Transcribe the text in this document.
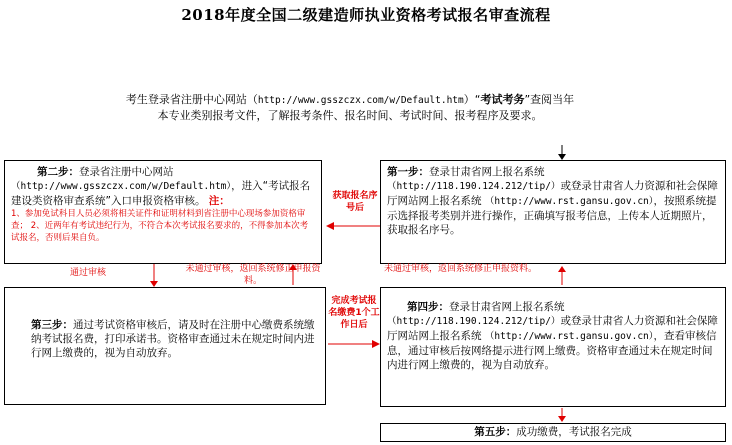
2018年度全国二级建造师执业资格考试报名审查流程
考生登录省注册中心网站（http://www.gsszczx.com/w/Default.htm）“考试考务”查阅当年
本专业类别报考文件，了解报考条件、报名时间、考试时间、报考程序及要求。
第一步：登录甘肃省网上报名系统 （http://118.190.124.212/tip/）或登录甘肃省人力资源和社会保障厅网站网上报名系统 （http://www.rst.gansu.gov.cn），按照系统提示选择报考类别并进行操作，正确填写报考信息，上传本人近期照片，获取报名序号。
第二步：登录省注册中心网站
（http://www.gsszczx.com/w/Default.htm），进入“考试报名建设类资格审查系统”入口申报资格审核。 注：
1、参加免试科目人员必须将相关证件和证明材料到省注册中心现场参加资格审查； 2、近两年有考试违纪行为，不符合本次考试报名要求的，不得参加本次考试报名，否则后果自负。
获取报名序号后
通过审核	未通过审核，返回系统修正申报资料。
未通过审核，返回系统修正申报资料。
第三步：通过考试资格审核后，请及时在注册中心缴费系统缴纳考试报名费，打印承诺书。资格审查通过未在规定时间内进行网上缴费的，视为自动放弃。
完成考试报名缴费1个工作日后
第四步：登录甘肃省网上报名系统 （http://118.190.124.212/tip/）或登录甘肃省人力资源和社会保障厅网站网上报名系统 （http://www.rst.gansu.gov.cn），查看审核信息，通过审核后按网络提示进行网上缴费。资格审查通过未在规定时间内进行网上缴费的，视为自动放弃。
第五步：成功缴费，考试报名完成
